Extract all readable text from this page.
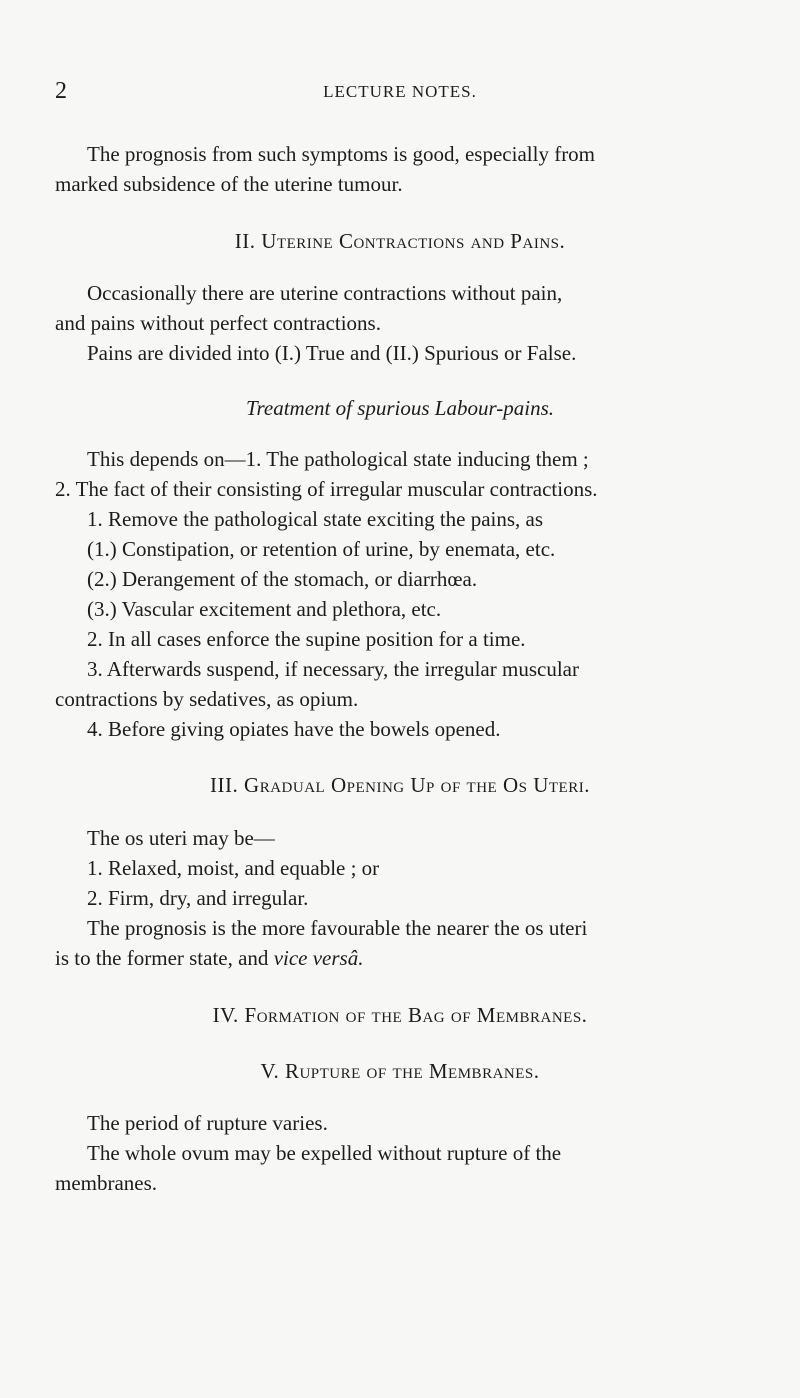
2	LECTURE NOTES.
The prognosis from such symptoms is good, especially from
marked subsidence of the uterine tumour.
II. Uterine Contractions and Pains.
Occasionally there are uterine contractions without pain,
and pains without perfect contractions.
Pains are divided into (I.) True and (II.) Spurious or False.
Treatment of spurious Labour-pains.
This depends on—1. The pathological state inducing them ;
2. The fact of their consisting of irregular muscular contractions.
1. Remove the pathological state exciting the pains, as
(1.) Constipation, or retention of urine, by enemata, etc.
(2.) Derangement of the stomach, or diarrhœa.
(3.) Vascular excitement and plethora, etc.
2. In all cases enforce the supine position for a time.
3. Afterwards suspend, if necessary, the irregular muscular
contractions by sedatives, as opium.
4. Before giving opiates have the bowels opened.
III. Gradual Opening Up of the Os Uteri.
The os uteri may be—
1. Relaxed, moist, and equable ; or
2. Firm, dry, and irregular.
The prognosis is the more favourable the nearer the os uteri
is to the former state, and vice versâ.
IV. Formation of the Bag of Membranes.
V. Rupture of the Membranes.
The period of rupture varies.
The whole ovum may be expelled without rupture of the
membranes.
